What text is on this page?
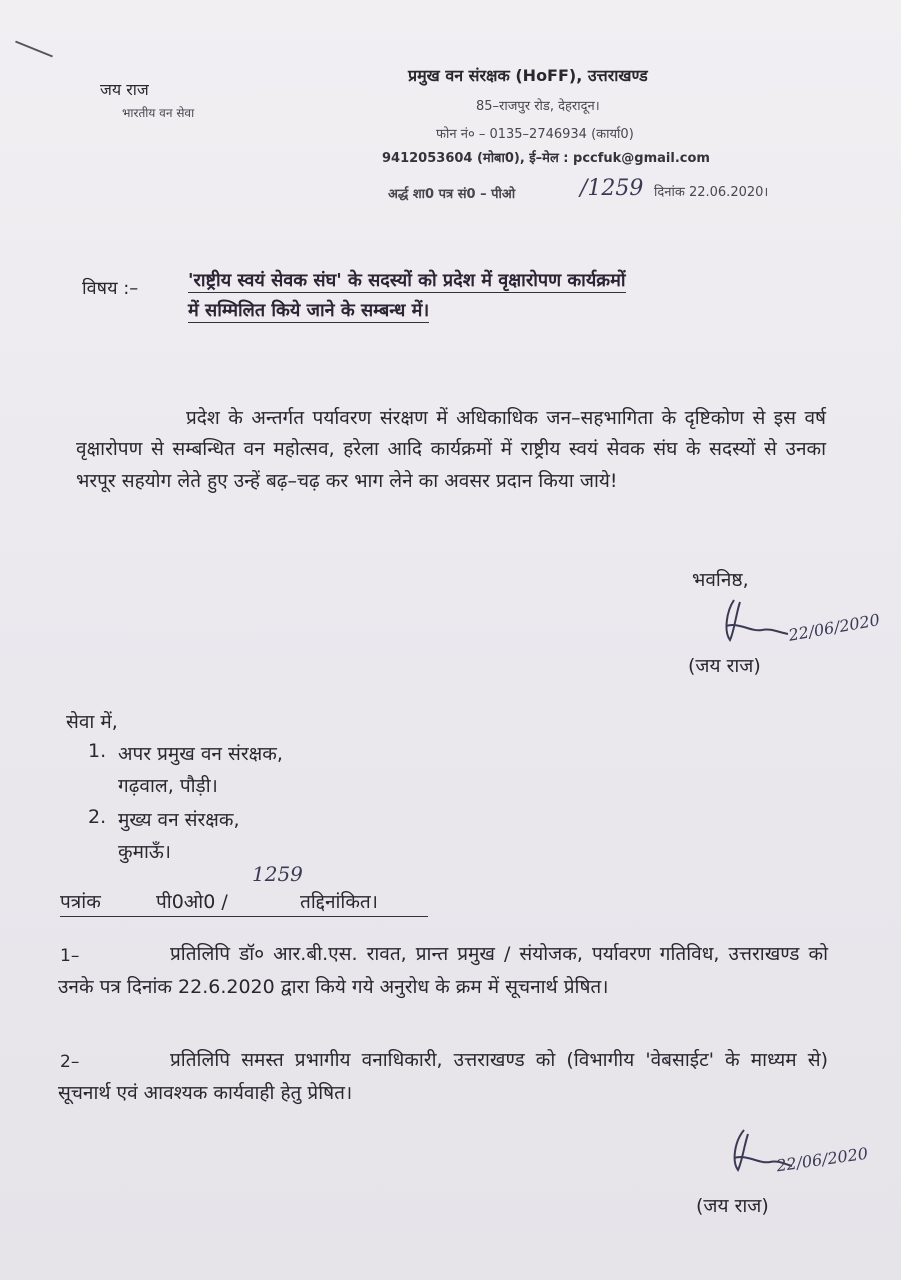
जय राज
भारतीय वन सेवा
प्रमुख वन संरक्षक (HoFF), उत्तराखण्ड
85–राजपुर रोड, देहरादून।
फोन नं० – 0135–2746934 (कार्या0)
9412053604 (मोबा0), ई–मेल : pccfuk@gmail.com
अर्द्ध शा0 पत्र सं0 – पीओ	/1259 दिनांक 22.06.2020।
विषय :–	'राष्ट्रीय स्वयं सेवक संघ' के सदस्यों को प्रदेश में वृक्षारोपण कार्यक्रमों
में सम्मिलित किये जाने के सम्बन्ध में।
प्रदेश के अन्तर्गत पर्यावरण संरक्षण में अधिकाधिक जन–सहभागिता के दृष्टिकोण से इस वर्ष वृक्षारोपण से सम्बन्धित वन महोत्सव, हरेला आदि कार्यक्रमों में राष्ट्रीय स्वयं सेवक संघ के सदस्यों से उनका भरपूर सहयोग लेते हुए उन्हें बढ़–चढ़ कर भाग लेने का अवसर प्रदान किया जाये!
भवनिष्ठ,
22/06/2020
(जय राज)
सेवा में,
1. अपर प्रमुख वन संरक्षक,
गढ़वाल, पौड़ी।
2. मुख्य वन संरक्षक,
कुमाऊँ।
1259
पत्रांक	पी0ओ0 /	तद्दिनांकित।
1–	प्रतिलिपि डॉ० आर.बी.एस. रावत, प्रान्त प्रमुख / संयोजक, पर्यावरण गतिविध, उत्तराखण्ड को उनके पत्र दिनांक 22.6.2020 द्वारा किये गये अनुरोध के क्रम में सूचनार्थ प्रेषित।
2–	प्रतिलिपि समस्त प्रभागीय वनाधिकारी, उत्तराखण्ड को (विभागीय 'वेबसाईट' के माध्यम से) सूचनार्थ एवं आवश्यक कार्यवाही हेतु प्रेषित।
22/06/2020
(जय राज)
